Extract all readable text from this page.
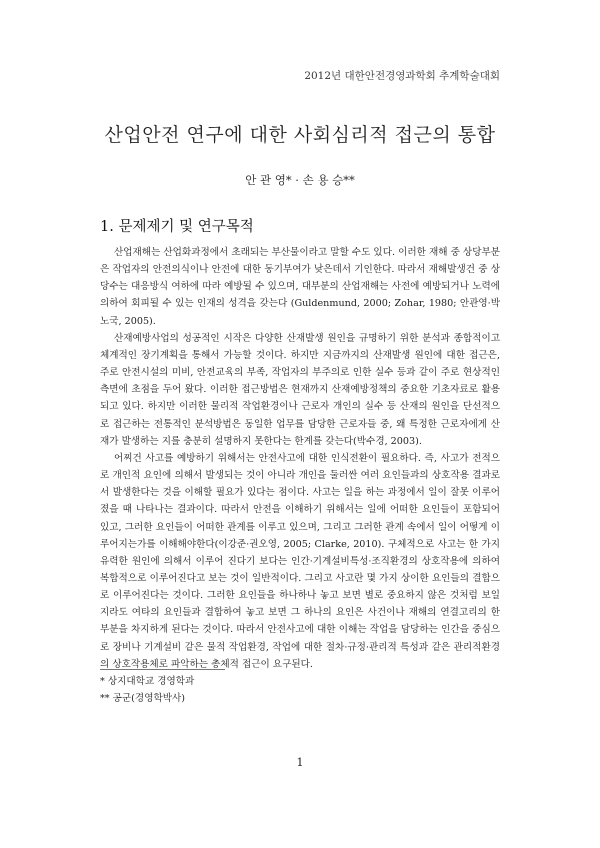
2012년 대한안전경영과학회 추계학술대회
산업안전 연구에 대한 사회심리적 접근의 통합
안 관 영* · 손 용 승**
1. 문제제기 및 연구목적

산업재해는 산업화과정에서 초래되는 부산물이라고 말할 수도 있다. 이러한 재해 중 상당부분은 작업자의 안전의식이나 안전에 대한 동기부여가 낮은데서 기인한다. 따라서 재해발생건 중 상당수는 대응방식 여하에 따라 예방될 수 있으며, 대부분의 산업재해는 사전에 예방되거나 노력에 의하여 회피될 수 있는 인재의 성격을 갖는다 (Guldenmund, 2000; Zohar, 1980; 안관영·박노국, 2005).

산재예방사업의 성공적인 시작은 다양한 산재발생 원인을 규명하기 위한 분석과 종합적이고 체계적인 장기계획을 통해서 가능할 것이다. 하지만 지금까지의 산재발생 원인에 대한 접근은, 주로 안전시설의 미비, 안전교육의 부족, 작업자의 부주의로 인한 실수 등과 같이 주로 현상적인 측면에 초점을 두어 왔다. 이러한 접근방법은 현재까지 산재예방정책의 중요한 기초자료로 활용되고 있다. 하지만 이러한 물리적 작업환경이나 근로자 개인의 실수 등 산재의 원인을 단선적으로 접근하는 전통적인 분석방법은 동일한 업무를 담당한 근로자들 중, 왜 특정한 근로자에게 산재가 발생하는 지를 충분히 설명하지 못한다는 한계를 갖는다(박수경, 2003).

어찌건 사고를 예방하기 위해서는 안전사고에 대한 인식전환이 필요하다. 즉, 사고가 전적으로 개인적 요인에 의해서 발생되는 것이 아니라 개인을 둘러싼 여러 요인들과의 상호작용 결과로서 발생한다는 것을 이해할 필요가 있다는 점이다. 사고는 일을 하는 과정에서 일이 잘못 이루어졌을 때 나타나는 결과이다. 따라서 안전을 이해하기 위해서는 일에 어떠한 요인들이 포함되어 있고, 그러한 요인들이 어떠한 관계를 이루고 있으며, 그리고 그러한 관계 속에서 일이 어떻게 이루어지는가를 이해해야한다(이강준·권오영, 2005; Clarke, 2010). 구체적으로 사고는 한 가지 유력한 원인에 의해서 이루어 진다기 보다는 인간·기계설비특성·조직환경의 상호작용에 의하여 복합적으로 이루어진다고 보는 것이 일반적이다. 그리고 사고란 몇 가지 상이한 요인들의 결합으로 이루어진다는 것이다. 그러한 요인들을 하나하나 놓고 보면 별로 중요하지 않은 것처럼 보일지라도 여타의 요인들과 결합하여 놓고 보면 그 하나의 요인은 사건이나 재해의 연결고리의 한 부분을 차지하게 된다는 것이다. 따라서 안전사고에 대한 이해는 작업을 담당하는 인간을 중심으로 장비나 기계설비 같은 물적 작업환경, 작업에 대한 절차·규정·관리적 특성과 같은 관리적환경의 상호작용체로 파악하는 총체적 접근이 요구된다.

* 상지대학교 경영학과
** 공군(경영학박사)
1
